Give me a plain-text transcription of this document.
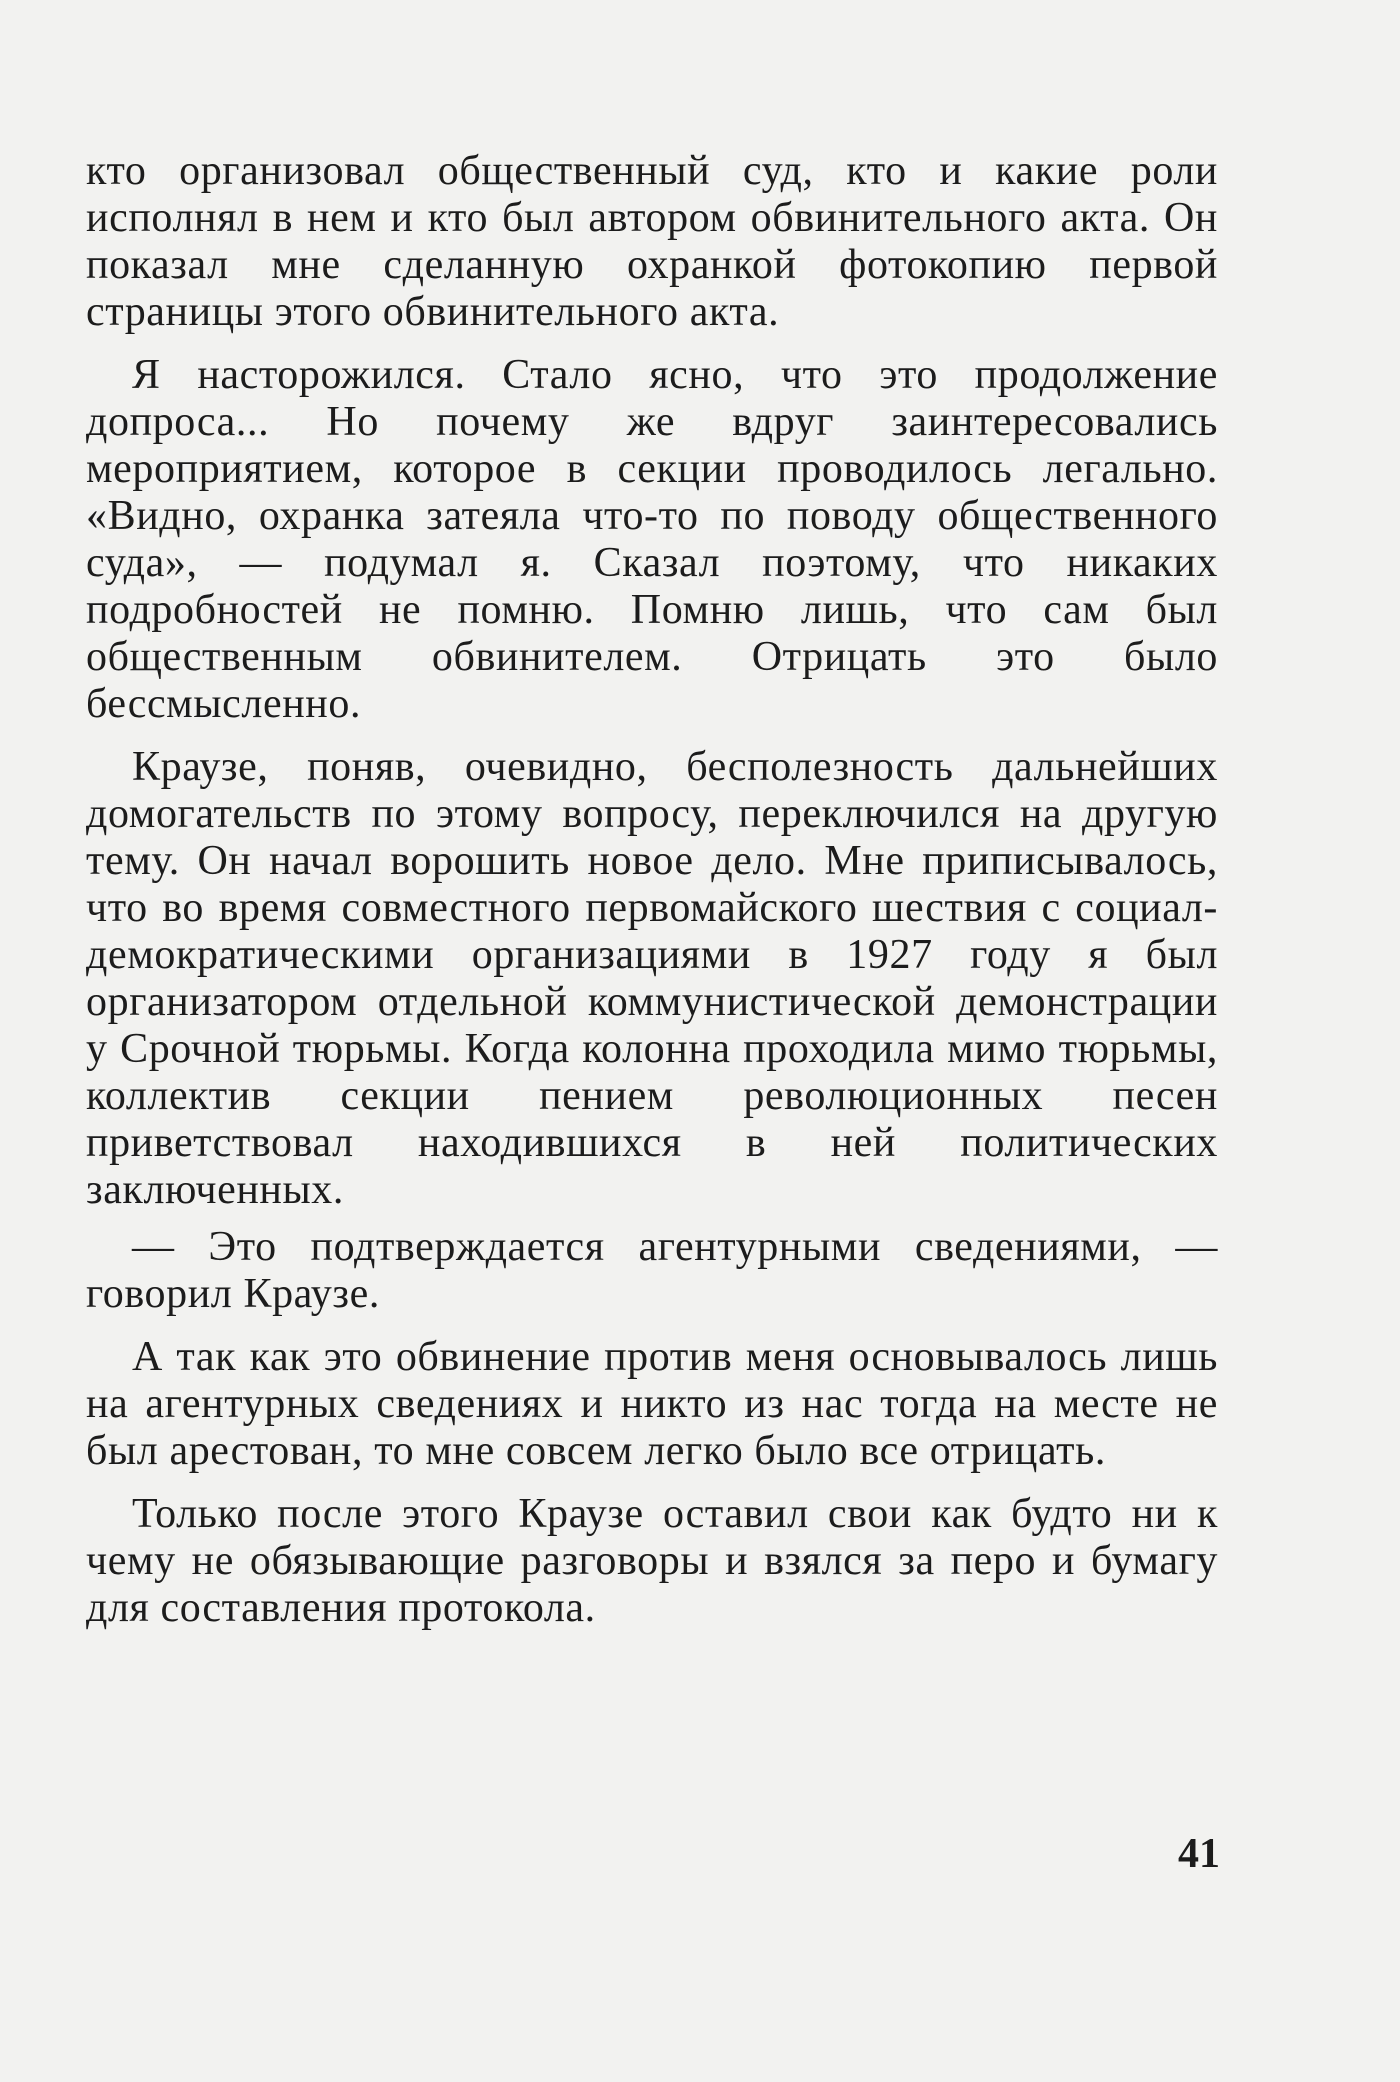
кто организовал общественный суд, кто и какие роли исполнял в нем и кто был автором обвинительного акта. Он показал мне сделанную охранкой фотокопию первой страницы этого обвинительного акта.

Я насторожился. Стало ясно, что это продолжение допроса... Но почему же вдруг заинтересовались мероприятием, которое в секции проводилось легально. «Видно, охранка затеяла что-то по поводу общественного суда», — подумал я. Сказал поэтому, что никаких подробностей не помню. Помню лишь, что сам был общественным обвинителем. Отрицать это было бессмысленно.

Краузе, поняв, очевидно, бесполезность дальнейших домогательств по этому вопросу, переключился на другую тему. Он начал ворошить новое дело. Мне приписывалось, что во время совместного первомайского шествия с социал-демократическими организациями в 1927 году я был организатором отдельной коммунистической демонстрации у Срочной тюрьмы. Когда колонна проходила мимо тюрьмы, коллектив секции пением революционных песен приветствовал находившихся в ней политических заключенных.

— Это подтверждается агентурными сведениями, — говорил Краузе.

А так как это обвинение против меня основывалось лишь на агентурных сведениях и никто из нас тогда на месте не был арестован, то мне совсем легко было все отрицать.

Только после этого Краузе оставил свои как будто ни к чему не обязывающие разговоры и взялся за перо и бумагу для составления протокола.

41
